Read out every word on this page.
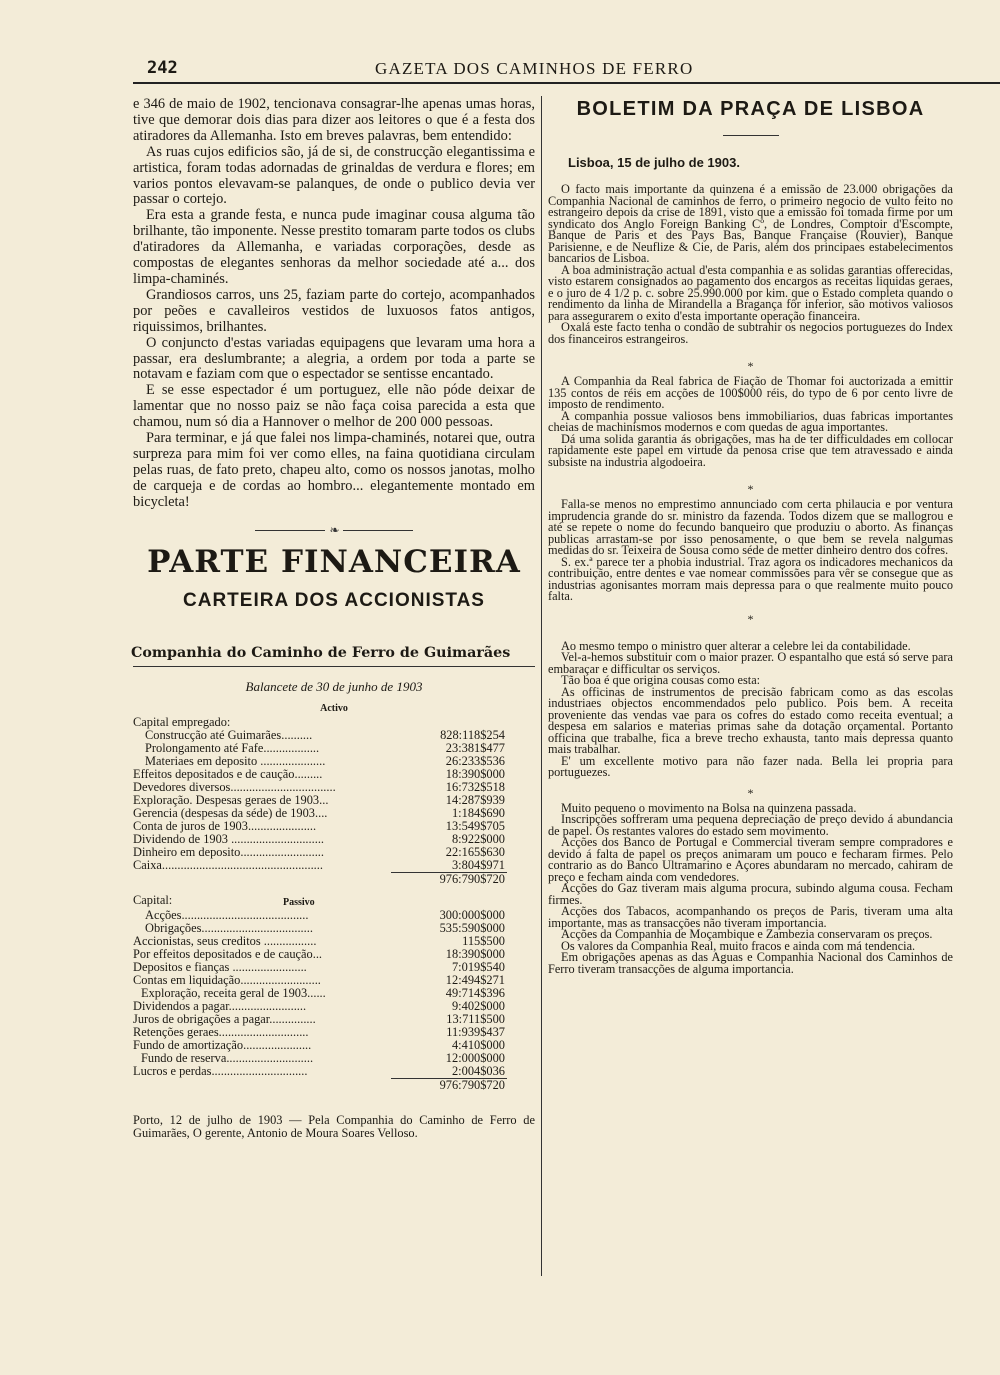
242	GAZETA DOS CAMINHOS DE FERRO

e 346 de maio de 1902, tencionava consagrar-lhe apenas umas horas, tive que demorar dois dias para dizer aos leitores o que é a festa dos atiradores da Allemanha. Isto em breves palavras, bem entendido:

As ruas cujos edificios são, já de si, de construcção elegantissima e artistica, foram todas adornadas de grinaldas de verdura e flores; em varios pontos elevavam-se palanques, de onde o publico devia ver passar o cortejo.

Era esta a grande festa, e nunca pude imaginar cousa alguma tão brilhante, tão imponente. Nesse prestito tomaram parte todos os clubs d'atiradores da Allemanha, e variadas corporações, desde as compostas de elegantes senhoras da melhor sociedade até a... dos limpa-chaminés.

Grandiosos carros, uns 25, faziam parte do cortejo, acompanhados por peões e cavalleiros vestidos de luxuosos fatos antigos, riquissimos, brilhantes.

O conjuncto d'estas variadas equipagens que levaram uma hora a passar, era deslumbrante; a alegria, a ordem por toda a parte se notavam e faziam com que o espectador se sentisse encantado.

E se esse espectador é um portuguez, elle não póde deixar de lamentar que no nosso paiz se não faça coisa parecida a esta que chamou, num só dia a Hannover o melhor de 200 000 pessoas.

Para terminar, e já que falei nos limpa-chaminés, notarei que, outra surpreza para mim foi ver como elles, na faina quotidiana circulam pelas ruas, de fato preto, chapeu alto, como os nossos janotas, molho de carqueja e de cordas ao hombro... elegantemente montado em bicycleta!

❧
PARTE FINANCEIRA
CARTEIRA DOS ACCIONISTAS
Companhia do Caminho de Ferro de Guimarães
Balancete de 30 de junho de 1903
Activo
Capital empregado:
Construcção até Guimarães..........	828:118$254
Prolongamento até Fafe..................	23:381$477
Materiaes em deposito .....................	26:233$536
Effeitos depositados e de caução.........	18:390$000
Devedores diversos..................................	16:732$518
Exploração. Despesas geraes de 1903...	14:287$939
Gerencia (despesas da séde) de 1903....	1:184$690
Conta de juros de 1903......................	13:549$705
Dividendo de 1903 ..............................	8:922$000
Dinheiro em deposito...........................	22:165$630
Caixa....................................................	3:804$971
976:790$720
Capital:	Passivo
Acções.........................................	300:000$000
Obrigações....................................	535:590$000
Accionistas, seus creditos .................	115$500
Por effeitos depositados e de caução...	18:390$000
Depositos e fianças ........................	7:019$540
Contas em liquidação..........................	12:494$271
Exploração, receita geral de 1903......	49:714$396
Dividendos a pagar.........................	9:402$000
Juros de obrigações a pagar...............	13:711$500
Retenções geraes.............................	11:939$437
Fundo de amortização......................	4:410$000
Fundo de reserva............................	12:000$000
Lucros e perdas...............................	2:004$036
976:790$720

Porto, 12 de julho de 1903 — Pela Companhia do Caminho de Ferro de Guimarães, O gerente, Antonio de Moura Soares Velloso.

BOLETIM DA PRAÇA DE LISBOA
Lisboa, 15 de julho de 1903.

O facto mais importante da quinzena é a emissão de 23.000 obrigações da Companhia Nacional de caminhos de ferro, o primeiro negocio de vulto feito no estrangeiro depois da crise de 1891, visto que a emissão foi tomada firme por um syndicato dos Anglo Foreign Banking Cº, de Londres, Comptoir d'Escompte, Banque de Paris et des Pays Bas, Banque Française (Rouvier), Banque Parisienne, e de Neuflize & Cie, de Paris, além dos principaes estabelecimentos bancarios de Lisboa.

A boa administração actual d'esta companhia e as solidas garantias offerecidas, visto estarem consignados ao pagamento dos encargos as receitas liquidas geraes, e o juro de 4 1/2 p. c. sobre 25.990.000 por kim. que o Estado completa quando o rendimento da linha de Mirandella a Bragança fôr inferior, são motivos valiosos para assegurarem o exito d'esta importante operação financeira.

Oxalá este facto tenha o condão de subtrahir os negocios portuguezes do Index dos financeiros estrangeiros.

*

A Companhia da Real fabrica de Fiação de Thomar foi auctorizada a emittir 135 contos de réis em acções de 100$000 réis, do typo de 6 por cento livre de imposto de rendimento.

A companhia possue valiosos bens immobiliarios, duas fabricas importantes cheias de machinismos modernos e com quedas de agua importantes.

Dá uma solida garantia ás obrigações, mas ha de ter difficuldades em collocar rapidamente este papel em virtude da penosa crise que tem atravessado e ainda subsiste na industria algodoeira.

*

Falla-se menos no emprestimo annunciado com certa philaucia e por ventura imprudencia grande do sr. ministro da fazenda. Todos dizem que se mallogrou e até se repete o nome do fecundo banqueiro que produziu o aborto. As finanças publicas arrastam-se por isso penosamente, o que bem se revela nalgumas medidas do sr. Teixeira de Sousa como séde de metter dinheiro dentro dos cofres.

S. ex.ª parece ter a phobia industrial. Traz agora os indicadores mechanicos da contribuição, entre dentes e vae nomear commissões para vêr se consegue que as industrias agonisantes morram mais depressa para o que realmente muito pouco falta.

*

Ao mesmo tempo o ministro quer alterar a celebre lei da contabilidade.

Vel-a-hemos substituir com o maior prazer. O espantalho que está só serve para embaraçar e difficultar os serviços.

Tão boa é que origina cousas como esta:

As officinas de instrumentos de precisão fabricam como as das escolas industriaes objectos encommendados pelo publico. Pois bem. A receita proveniente das vendas vae para os cofres do estado como receita eventual; a despesa em salarios e materias primas sahe da dotação orçamental. Portanto officina que trabalhe, fica a breve trecho exhausta, tanto mais depressa quanto mais trabalhar.

E' um excellente motivo para não fazer nada. Bella lei propria para portuguezes.

*

Muito pequeno o movimento na Bolsa na quinzena passada.

Inscripções soffreram uma pequena depreciação de preço devido á abundancia de papel. Os restantes valores do estado sem movimento.

Acções dos Banco de Portugal e Commercial tiveram sempre compradores e devido á falta de papel os preços animaram um pouco e fecharam firmes. Pelo contrario as do Banco Ultramarino e Açores abundaram no mercado, cahiram de preço e fecham ainda com vendedores.

Acções do Gaz tiveram mais alguma procura, subindo alguma cousa. Fecham firmes.

Acções dos Tabacos, acompanhando os preços de Paris, tiveram uma alta importante, mas as transacções não tiveram importancia.

Acções da Companhia de Moçambique e Zambezia conservaram os preços.

Os valores da Companhia Real, muito fracos e ainda com má tendencia.

Em obrigações apenas as das Aguas e Companhia Nacional dos Caminhos de Ferro tiveram transacções de alguma importancia.
